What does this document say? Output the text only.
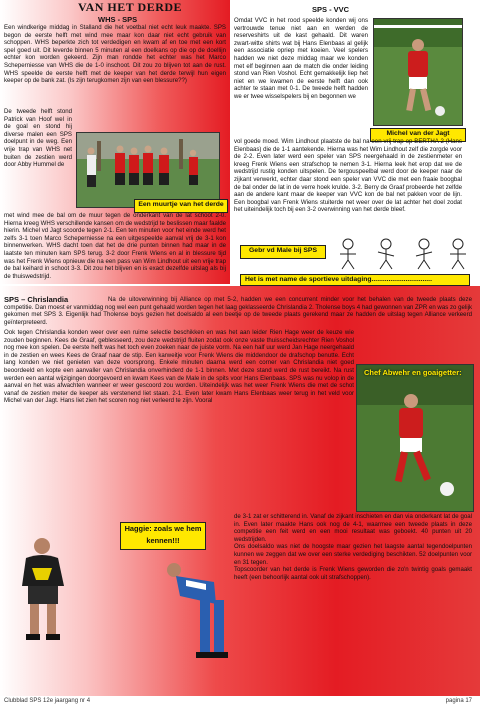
VAN HET DERDE
WHS - SPS

Een windkerige middag in Stalland die het voetbal niet echt leuk maakte. SPS begon de eerste helft met wind mee maar kon daar niet echt gebruik van schoppen. WHS beperkte zich tot verdedigen en kwam af en toe met een kort spel goed uit. Dit leverde binnen 5 minuten al een doelkans op die op de doellijn echter kon worden gekeerd. Zijn man rondde het echter was het Marco Scheperniesse van WHS die de 1-0 inschoot. Dit zou zo blijven tot aan de rust. WHS speelde de eerste helft met de keeper van het derde terwijl hun eigen keeper op de bank zat. (Is zijn terugkomen zijn van een blessure??)

De tweede helft stond Patrick van Hoof wel in de goal en stond hij diverse malen een SPS doelpunt in de weg. Een vrije trap van WHS net buiten de zestien werd door Abby Hummel de

Een muurtje van het derde

met wind mee de bal om de muur tegen de onderkant van de lat schoot 2-0. Hierna kreeg WHS verschillende kansen om de wedstrijd te beslissen maar faalde hierin. Michel vd Jagt scoorde tegen 2-1. Een ten minuten voor het einde werd het zelfs 3-1 toen Marco Scheperniesse na een uitgespeelde aanval vrij de 3-1 kon binnenwerken. WHS dacht toen dat het de drie punten binnen had maar in de laatste ten minuten kam SPS terug. 3-2 door Frenk Wiens en al in blessure tijd was het Frenk Wiens opnieuw die na een pass van Wim Lindhout uit een vrije trap de bal keihard in schoot 3-3. Dit zou het blijven en is exact dezelfde uitslag als bij de thuiswedstrijd.

SPS - VVC

Omdat VVC in het rood speelde konden wij ons vertrouwde tenue niet aan en werden de reserveshirts uit de kast gehaald. Dit waren zwart-witte shirts wat bij Hans Elenbaas al gelijk een associatie opriep met koeien. Veel spelers hadden we niet deze middag maar we konden met elf beginnen aan de match die onder leiding stond van Rien Voshol. Echt gemakkelijk liep het niet en we kwamen de eerste helft dan ook achter te staan met 0-1. De tweede helft hadden we er twee wisselspelers bij en begonnen we

Michel van der Jagt

vol goede moed. Wim Lindhout plaatste de bal na een vrij trap op BERTHA 2 (Hans Elenbaas) die de 1-1 aantekende. Hierna was het Wim Lindhout zelf die zorgde voor de 2-2. Even later werd een speler van SPS neergehaald in de zestienmeter en kreeg Frenk Wiens een strafschop te nemen 3-1. Hierna leek het erop dat we de wedstrijd rustig konden uitspelen. De tergouspeelbal werd door de keeper naar de zijkant verwerkt, echter daar stond een speler van VVC die met een fraaie boogbal de bal onder de lat in de verre hoek krulde. 3-2. Berry de Graaf probeerde het zelfde aan de andere kant maar de keeper van VVC kon de bal net pakken voor de lijn. Een boogbal van Frenk Wiens stuiterde net weer over de lat achter het doel zodat het uiteindelijk toch bij een 3-2 overwinning van het derde bleef.

Gebr vd Male bij SPS
Het is met name de sportieve uitdaging................................
SPS – Chrislandia	Na de uitoverwinning bij Alliance op met 5-2, hadden we een concurrent minder voor het behalen van de tweede plaats deze competitie. Dan moest er vanmiddag nog wel een punt gehaald worden tegen het laag geklasseerde Chrislandia 2. Tholense boys 4 had gewonnen van ZPR en was zo gelijk gekomen met SPS 3. Eigenlijk had Tholense boys gezien het doelsaldo al een beetje op de tweede plaats gerekend maar ze hadden de uitslag tegen Alliance verkeerd geïnterpreteerd.

Ook tegen Chrislandia konden weer over een ruime selectie beschikken en was het aan leider Rien Hage weer de keuze wie zouden beginnen. Kees de Graaf, geblesseerd, zou deze wedstrijd fluiten zodat ook onze vaste thuisscheidsrechter Rien Voshol nog mee kon spelen. De eerste helft was het toch even zoeken naar de juiste vorm. Na een half uur werd Jan Hage neergehaald in de zestien en wees Kees de Graaf naar de stip. Een karweitje voor Frenk Wiens die middendoor de drafschop benutte. Echt lang konden we niet genieten van deze voorsprong. Enkele minuten daarna werd een corner van Chrislandia niet goed beoordeeld en kopte een aanvaller van Chrislandia onverhinderd de 1-1 binnen. Met deze stand werd de rust bereikt. Na rust werden een aantal wijzigingen doorgevoerd en kwam Kees van de Male in de spits voor Hans Elenbaas. SPS was nu volop in de aanval en het was afwachten wanneer er weer gescoord zou worden. Uiteindelijk was het weer Frenk Wiens die met de schot vanaf de zestien meter de keeper als verstenend liet staan. 2-1. Even later kwam Hans Elenbaas weer terug in het veld voor Michel van der Jagt. Hans liet zien het scoren nog niet verleerd te zijn. Vooral

Chef Abwehr en goaigetter:

de 3-1 zat er schitterend in. Vanaf de zijkant inschieten en dan via onderkant lat de goal in. Even later maakte Hans ook nog de 4-1, waarmee een tweede plaats in deze competitie een feit werd en een mooi resultaat was geboekt. 40 punten uit 20 wedstrijden.
Ons doelsaldo was niet de hoogste maar gezien het laagste aantal tegendoelpunten kunnen we zeggen dat we over een sterke verdediging beschikten. 52 doelpunten voor en 31 tegen.
Topscoorder van het derde is Frenk Wiens geworden die zo'n twintig goals gemaakt heeft (een behoorlijk aantal ook uit strafschoppen).

Haggie: zoals we hem kennen!!!
Clubblad SPS 12e jaargang nr 4	pagina 17
